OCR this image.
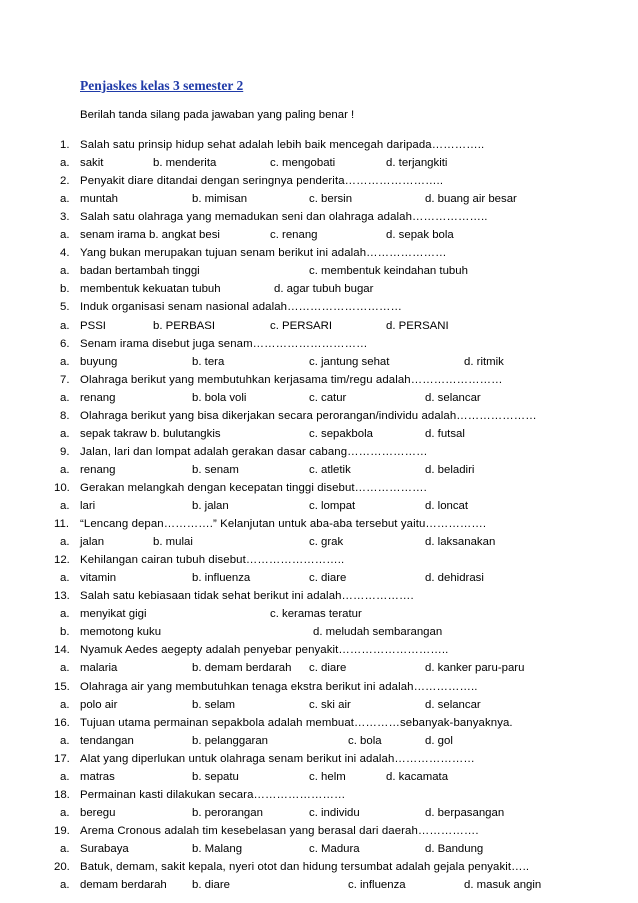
Penjaskes kelas 3 semester 2
Berilah tanda silang pada jawaban yang paling benar !
1. Salah satu prinsip hidup sehat adalah lebih baik mencegah daripada…………..
a. sakit	b. menderita	c. mengobati	d. terjangkiti
2. Penyakit diare ditandai dengan seringnya penderita……………………..
a. muntah	b. mimisan	c. bersin	d. buang air besar
3. Salah satu olahraga yang memadukan seni dan olahraga adalah………………..
a. senam irama b. angkat besi	c. renang	d. sepak bola
4. Yang bukan merupakan tujuan senam berikut ini adalah…………………
a. badan bertambah tinggi	c. membentuk keindahan tubuh
b. membentuk kekuatan tubuh	d. agar tubuh bugar
5. Induk organisasi senam nasional adalah…………………………
a. PSSI	b. PERBASI	c. PERSARI	d. PERSANI
6. Senam irama disebut juga senam…………………………
a. buyung	b. tera	c. jantung sehat	d. ritmik
7. Olahraga berikut yang membutuhkan kerjasama tim/regu adalah……………………
a. renang	b. bola voli	c. catur	d. selancar
8. Olahraga berikut yang bisa dikerjakan secara perorangan/individu adalah…………………
a. sepak takraw b. bulutangkis	c. sepakbola	d. futsal
9. Jalan, lari dan lompat adalah gerakan dasar cabang…………………
a. renang	b. senam	c. atletik	d. beladiri
10. Gerakan melangkah dengan kecepatan tinggi disebut……………….
a. lari	b. jalan	c. lompat	d. loncat
11. “Lencang depan………….” Kelanjutan untuk aba-aba tersebut yaitu…………….
a. jalan	b. mulai	c. grak	d. laksanakan
12. Kehilangan cairan tubuh disebut……………………..
a. vitamin	b. influenza	c. diare	d. dehidrasi
13. Salah satu kebiasaan tidak sehat berikut ini adalah……………….
a. menyikat gigi	c. keramas teratur
b. memotong kuku	d. meludah sembarangan
14. Nyamuk Aedes aegepty adalah penyebar penyakit………………………..
a. malaria	b. demam berdarah c. diare	d. kanker paru-paru
15. Olahraga air yang membutuhkan tenaga ekstra berikut ini adalah……………..
a. polo air	b. selam	c. ski air	d. selancar
16. Tujuan utama permainan sepakbola adalah membuat…………sebanyak-banyaknya.
a. tendangan	b. pelanggaran	c. bola	d. gol
17. Alat yang diperlukan untuk olahraga senam berikut ini adalah…………………
a. matras	b. sepatu	c. helm	d. kacamata
18. Permainan kasti dilakukan secara……………………
a. beregu	b. perorangan	c. individu	d. berpasangan
19. Arema Cronous adalah tim kesebelasan yang berasal dari daerah…………….
a. Surabaya	b. Malang	c. Madura	d. Bandung
20. Batuk, demam, sakit kepala, nyeri otot dan hidung tersumbat adalah gejala penyakit…..
a. demam berdarah b. diare	c. influenza	d. masuk angin
